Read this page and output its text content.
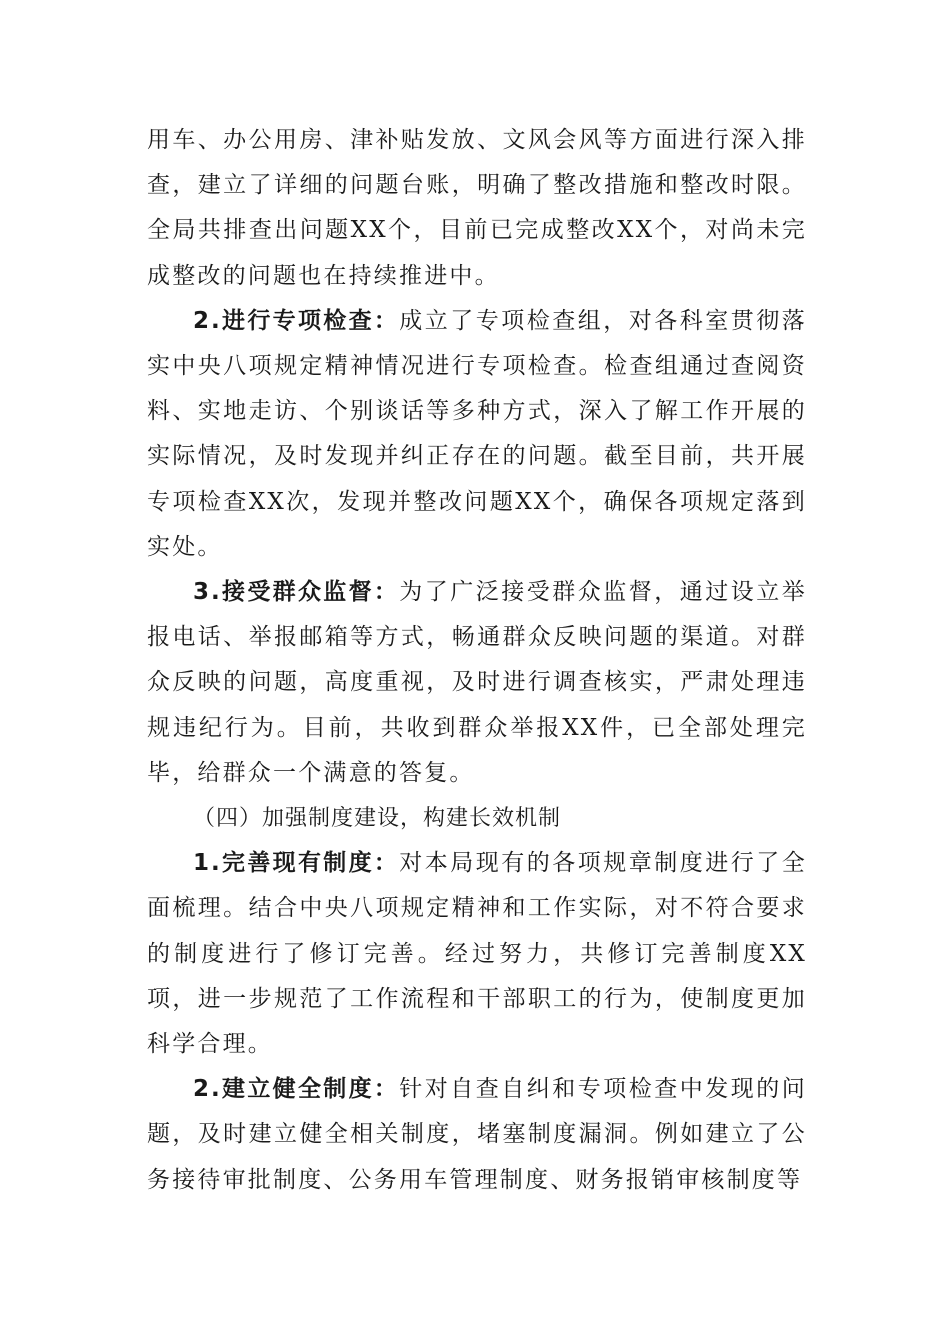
用车、办公用房、津补贴发放、文风会风等方面进行深入排查，建立了详细的问题台账，明确了整改措施和整改时限。全局共排查出问题XX个，目前已完成整改XX个，对尚未完成整改的问题也在持续推进中。

2.进行专项检查：成立了专项检查组，对各科室贯彻落实中央八项规定精神情况进行专项检查。检查组通过查阅资料、实地走访、个别谈话等多种方式，深入了解工作开展的实际情况，及时发现并纠正存在的问题。截至目前，共开展专项检查XX次，发现并整改问题XX个，确保各项规定落到实处。

3.接受群众监督：为了广泛接受群众监督，通过设立举报电话、举报邮箱等方式，畅通群众反映问题的渠道。对群众反映的问题，高度重视，及时进行调查核实，严肃处理违规违纪行为。目前，共收到群众举报XX件，已全部处理完毕，给群众一个满意的答复。

（四）加强制度建设，构建长效机制

1.完善现有制度：对本局现有的各项规章制度进行了全面梳理。结合中央八项规定精神和工作实际，对不符合要求的制度进行了修订完善。经过努力，共修订完善制度XX项，进一步规范了工作流程和干部职工的行为，使制度更加科学合理。

2.建立健全制度：针对自查自纠和专项检查中发现的问题，及时建立健全相关制度，堵塞制度漏洞。例如建立了公务接待审批制度、公务用车管理制度、财务报销审核制度等
